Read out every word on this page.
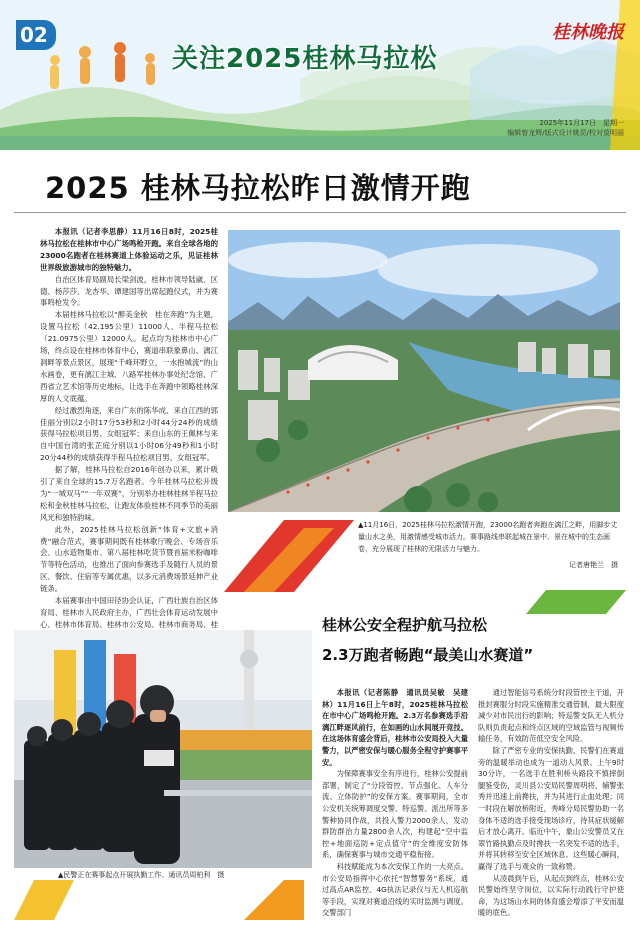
02
关注2025桂林马拉松
桂林晚报
2025年11月17日　星期一
编辑曾龙辉/版式设计姚昆/校对莫明丽
2025 桂林马拉松昨日激情开跑

本报讯（记者李思静）11月16日8时，2025桂林马拉松在桂林市中心广场鸣枪开跑。来自全球各地的23000名跑者在桂林赛道上体验运动之乐，见证桂林世界级旅游城市的独特魅力。

自治区体育局副局长梁剑波，桂林市领导陆崴、区德、杨莎莎、龙杏华、谭建国等出席起跑仪式，并为赛事鸣枪发令。

本届桂林马拉松以“醉美金秋　桂在奔跑”为主题，设置马拉松（42.195公里）11000人、半程马拉松（21.0975公里）12000人。起点均为桂林市中心广场，终点设在桂林市体育中心，赛道串联象鼻山、漓江洞畔等景点景区，展现“千峰环野立，一水抱城流”的山水画卷，更有漓江主城、八路军桂林办事处纪念馆、广西省立艺术馆等历史地标，让选手在奔跑中领略桂林深厚的人文底蕴。

经过激烈角逐，来自广东的陈华成、来自江西的郭佳丽分别以2小时17分53秒和2小时44分24秒的成绩获得马拉松项目男、女组冠军；来自山东的王佩林与来自中国台湾的张芷庭分别以1小时06分49秒和1小时20分44秒的成绩获得半程马拉松项目男、女组冠军。

据了解，桂林马拉松自2016年创办以来，累计吸引了来自全球的15.7万名跑者。今年桂林马拉松升级为“一城双马”“一年双赛”，分别举办桂林桂林半程马拉松和金秋桂林马拉松，让跑友体验桂林不同季节的美丽风光和独特韵味。

此外，2025桂林马拉松创新“体育+文旅+消费”融合范式，赛事期间既有桂林歌厅晚会、专场音乐会、山水造物集市、第八届桂林吃货节暨首届米粉咖啡节等特色活动，也推出了面向参赛选手及随行人员的景区、餐饮、住宿等专属优惠，以多元消费场景延伸产业链条。

本届赛事由中国田径协会认证，广西壮族自治区体育局、桂林市人民政府主办，广西壮会体育运动发展中心、桂林市体育局、桂林市公安局、桂林市商务局、桂

▲11月16日，2025桂林马拉松激情开跑，23000名跑者奔跑在漓江之畔，用脚步丈量山水之美，用激情感受城市活力。赛事路线串联起城在景中、景在城中的生态画卷，充分展现了桂林的无限活力与魅力。
记者唐艳兰　摄
桂林公安全程护航马拉松
2.3万跑者畅跑“最美山水赛道”
▲民警正在赛事起点开展执勤工作。通讯员周柏利　摄

本报讯（记者陈静　通讯员吴敏　吴建林）11月16日上午8时，2025桂林马拉松在市中心广场鸣枪开跑。2.3万名参赛选手沿漓江畔逐风前行，在如画的山水间展开竞技。在这场体育盛会背后，桂林市公安局投入大量警力，以严密安保与暖心服务全程守护赛事平安。

为保障赛事安全有序进行，桂林公安提前部署，制定了“分段管控、节点强化、人车分流、立体防护”的安保方案。赛事期间，全市公安机关统筹调度交警、特巡警、派出所等多警种协同作战，共投入警力2000余人，发动群防群治力量2800余人次，构建起“空中监控+地面巡防+定点值守”的全维度安防体系，确保赛事与城市交通平稳衔接。

科技赋能成为本次安保工作的一大亮点。市公安局指挥中心依托“智慧警务”系统，通过高点AR监控、4G执法记录仪与无人机巡航等手段，实现对赛道沿线的实时监测与调度。交警部门

通过智能信号系统分时段管控主干道，开报封赛服分时段实施精准交通管制，最大限度减少对市民出行的影响；特巡警支队无人机分队则负责起点和终点区域的空域监管与视频传输任务，有效防范低空安全风险。

除了严密专业的安保执勤，民警们在赛道旁的温暖举动也成为一道动人风景。上午9时30分许，一名选手在胜利桥头路段不慎摔倒腿鉴受伤，灵川县公安局民警周明将、辅警张秀并迅速上前搀扶，并为其进行止血处理；同一时段在解放桥附近，秀峰分局民警协助一名身体不适的选手接受现场诊疗，待其症状缓解后才放心离开。临近中午，象山公安警员又在翠竹路执勤点及时搀扶一名突发不适的选手，并将其转移至安全区域休息。这些暖心瞬间，赢得了选手与观众的一致称赞。

从凌晨到午后，从起点到终点，桂林公安民警始终坚守岗位，以实际行动践行守护使命，为这场山水间的体育盛会增添了平安而温暖的底色。
